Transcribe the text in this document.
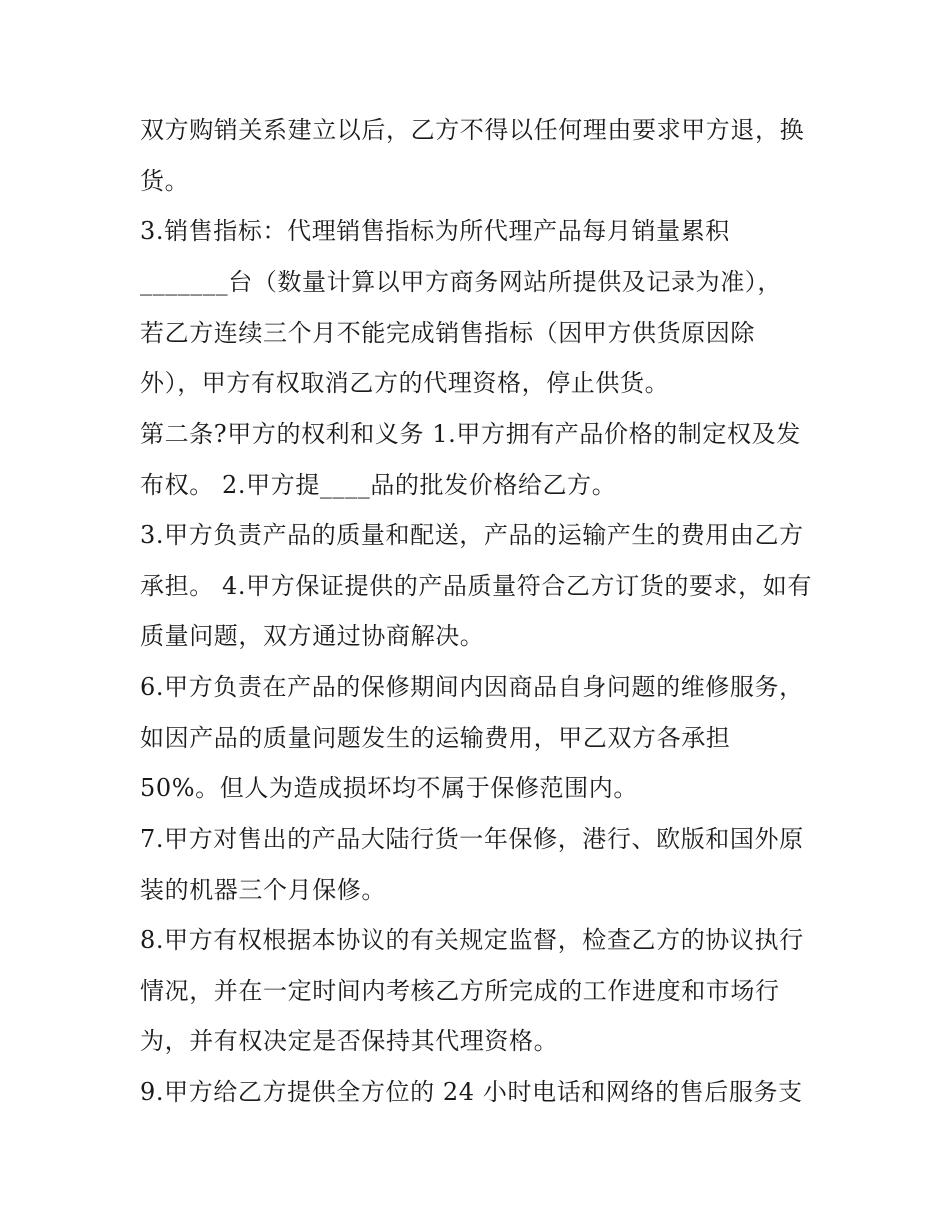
双方购销关系建立以后，乙方不得以任何理由要求甲方退，换
货。
3.销售指标：代理销售指标为所代理产品每月销量累积
_______台（数量计算以甲方商务网站所提供及记录为准），
若乙方连续三个月不能完成销售指标（因甲方供货原因除
外），甲方有权取消乙方的代理资格，停止供货。
第二条?甲方的权利和义务 1.甲方拥有产品价格的制定权及发
布权。 2.甲方提____品的批发价格给乙方。
3.甲方负责产品的质量和配送，产品的运输产生的费用由乙方
承担。 4.甲方保证提供的产品质量符合乙方订货的要求，如有
质量问题，双方通过协商解决。
6.甲方负责在产品的保修期间内因商品自身问题的维修服务，
如因产品的质量问题发生的运输费用，甲乙双方各承担
50%。但人为造成损坏均不属于保修范围内。
7.甲方对售出的产品大陆行货一年保修，港行、欧版和国外原
装的机器三个月保修。
8.甲方有权根据本协议的有关规定监督，检查乙方的协议执行
情况，并在一定时间内考核乙方所完成的工作进度和市场行
为，并有权决定是否保持其代理资格。
9.甲方给乙方提供全方位的 24 小时电话和网络的售后服务支
